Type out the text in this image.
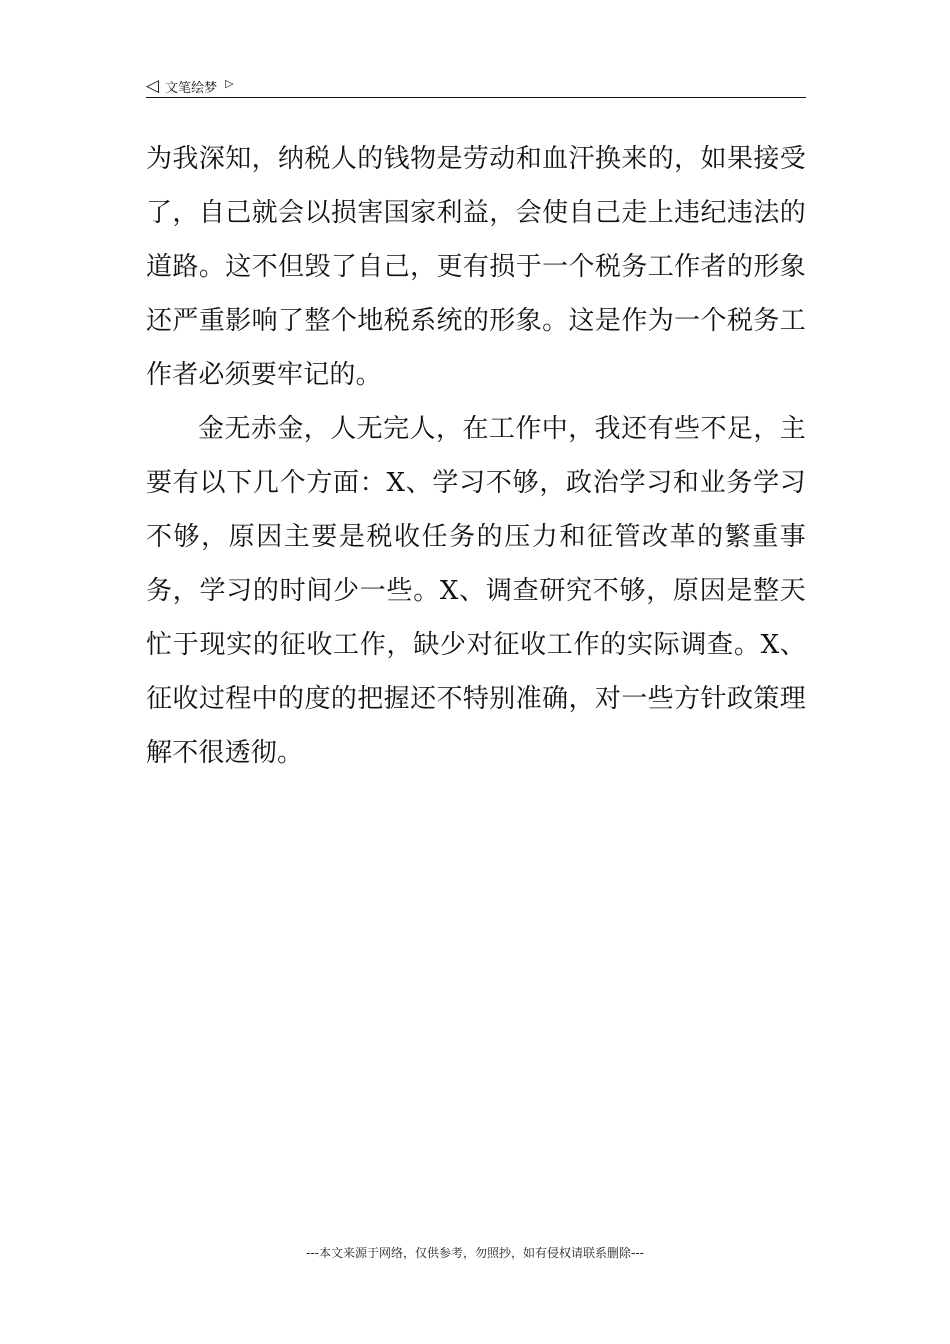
◁ 文笔绘梦 ▷

为我深知，纳税人的钱物是劳动和血汗换来的，如果接受了，自己就会以损害国家利益，会使自己走上违纪违法的道路。这不但毁了自己，更有损于一个税务工作者的形象还严重影响了整个地税系统的形象。这是作为一个税务工作者必须要牢记的。

金无赤金，人无完人，在工作中，我还有些不足，主要有以下几个方面：X、学习不够，政治学习和业务学习不够，原因主要是税收任务的压力和征管改革的繁重事务，学习的时间少一些。X、调查研究不够，原因是整天忙于现实的征收工作，缺少对征收工作的实际调查。X、征收过程中的度的把握还不特别准确，对一些方针政策理解不很透彻。

---本文来源于网络，仅供参考，勿照抄，如有侵权请联系删除---
